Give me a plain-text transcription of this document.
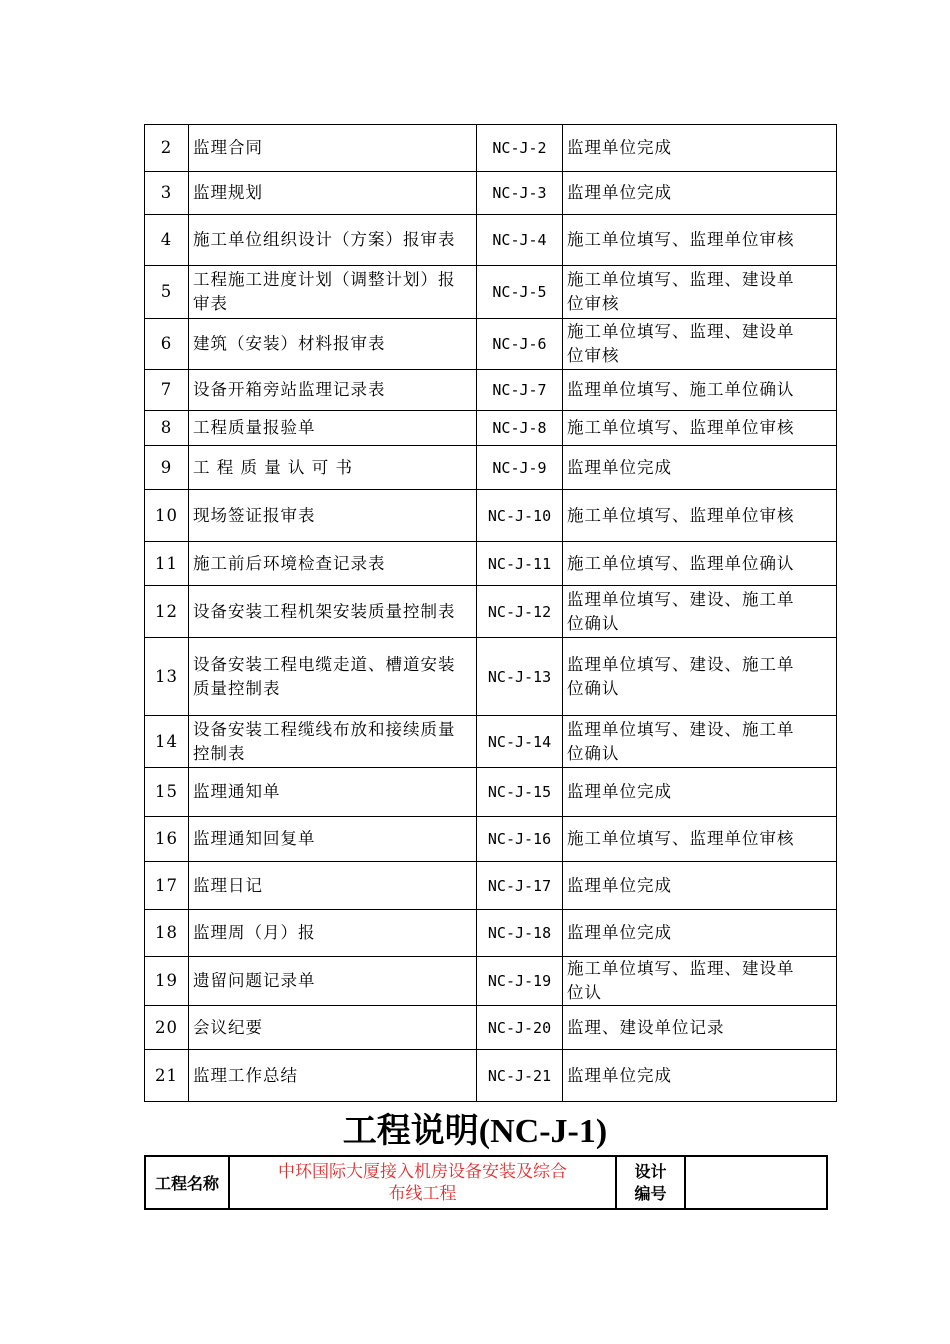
2	监理合同	NC-J-2	监理单位完成

3	监理规划	NC-J-3	监理单位完成

4	施工单位组织设计（方案）报审表	NC-J-4	施工单位填写、监理单位审核

5	工程施工进度计划（调整计划）报审表	NC-J-5	施工单位填写、监理、建设单位审核

6	建筑（安装）材料报审表	NC-J-6	施工单位填写、监理、建设单位审核

7	设备开箱旁站监理记录表	NC-J-7	监理单位填写、施工单位确认

8	工程质量报验单	NC-J-8	施工单位填写、监理单位审核

9	工 程 质 量 认 可 书	NC-J-9	监理单位完成

10	现场签证报审表	NC-J-10	施工单位填写、监理单位审核

11	施工前后环境检查记录表	NC-J-11	施工单位填写、监理单位确认

12	设备安装工程机架安装质量控制表	NC-J-12	监理单位填写、建设、施工单位确认

13	设备安装工程电缆走道、槽道安装
质量控制表	NC-J-13	监理单位填写、建设、施工单位确认

14	设备安装工程缆线布放和接续质量控制表	NC-J-14	监理单位填写、建设、施工单位确认

15	监理通知单	NC-J-15	监理单位完成

16	监理通知回复单	NC-J-16	施工单位填写、监理单位审核

17	监理日记	NC-J-17	监理单位完成

18	监理周（月）报	NC-J-18	监理单位完成

19	遗留问题记录单	NC-J-19	施工单位填写、监理、建设单位认

20	会议纪要	NC-J-20	监理、建设单位记录

21	监理工作总结	NC-J-21	监理单位完成
工程说明(NC-J-1)
工程名称	
中环国际大厦接入机房设备安装及综合布线工程

设计编号
